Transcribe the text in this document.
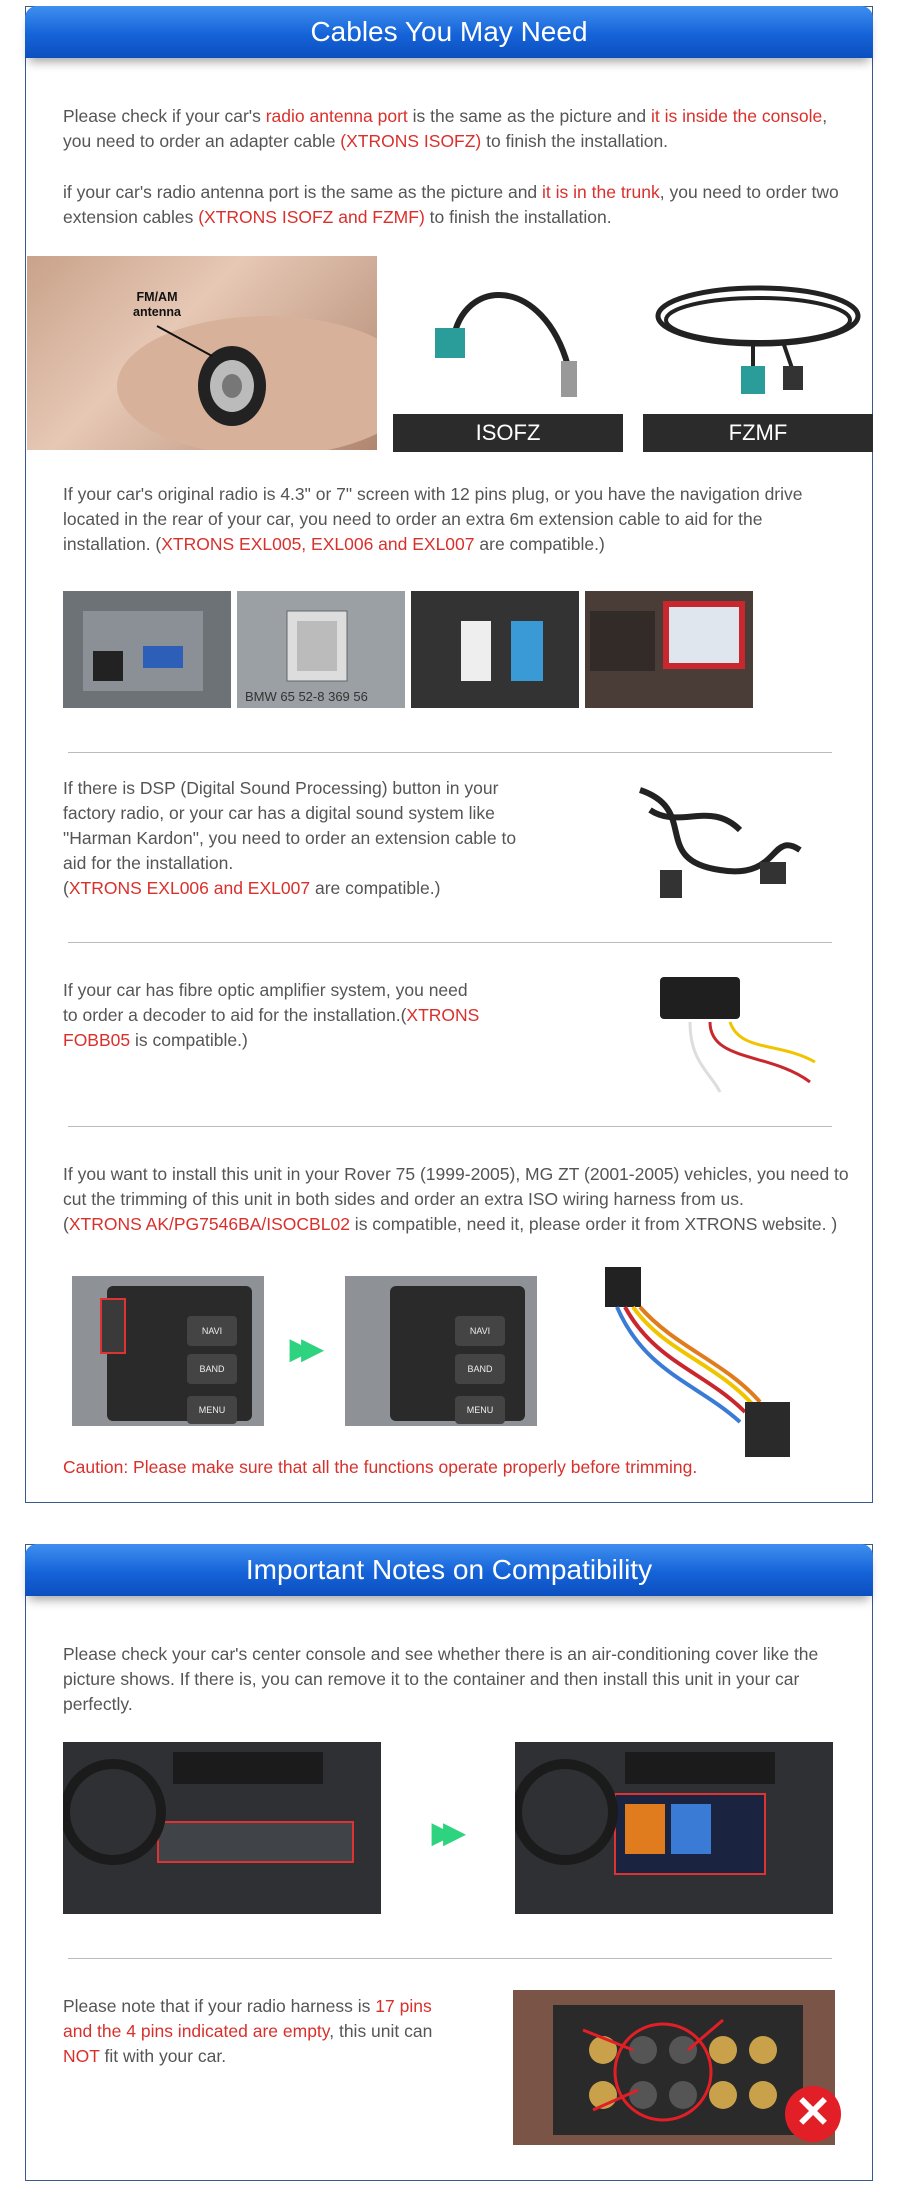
Cables You May Need
Please check if your car's radio antenna port is the same as the picture and it is inside the console, you need to order an adapter cable (XTRONS ISOFZ) to finish the installation.
if your car's radio antenna port is the same as the picture and it is in the trunk, you need to order two extension cables (XTRONS ISOFZ and FZMF) to finish the installation.
FM/AM antenna
ISOFZ	FZMF
If your car's original radio is 4.3" or 7" screen with 12 pins plug, or you have the navigation drive located in the rear of your car, you need to order an extra 6m extension cable to aid for the installation. (XTRONS EXL005, EXL006 and EXL007 are compatible.)
BMW 65 52-8 369 56
If there is DSP (Digital Sound Processing) button in your factory radio, or your car has a digital sound system like "Harman Kardon", you need to order an extension cable to aid for the installation.
(XTRONS EXL006 and EXL007 are compatible.)
If your car has fibre optic amplifier system, you need to order a decoder to aid for the installation.(XTRONS FOBB05 is compatible.)
If you want to install this unit in your Rover 75 (1999-2005), MG ZT (2001-2005) vehicles, you need to cut the trimming of this unit in both sides and order an extra ISO wiring harness from us.
(XTRONS AK/PG7546BA/ISOCBL02 is compatible, need it, please order it from XTRONS website. )
NAVI
BAND
MENU
▶▶
NAVI
BAND
MENU
Caution: Please make sure that all the functions operate properly before trimming.
Important Notes on Compatibility
Please check your car's center console and see whether there is an air-conditioning cover like the picture shows. If there is, you can remove it to the container and then install this unit in your car perfectly.
▶▶
Please note that if your radio harness is 17 pins and the 4 pins indicated are empty, this unit can NOT fit with your car.
✕
